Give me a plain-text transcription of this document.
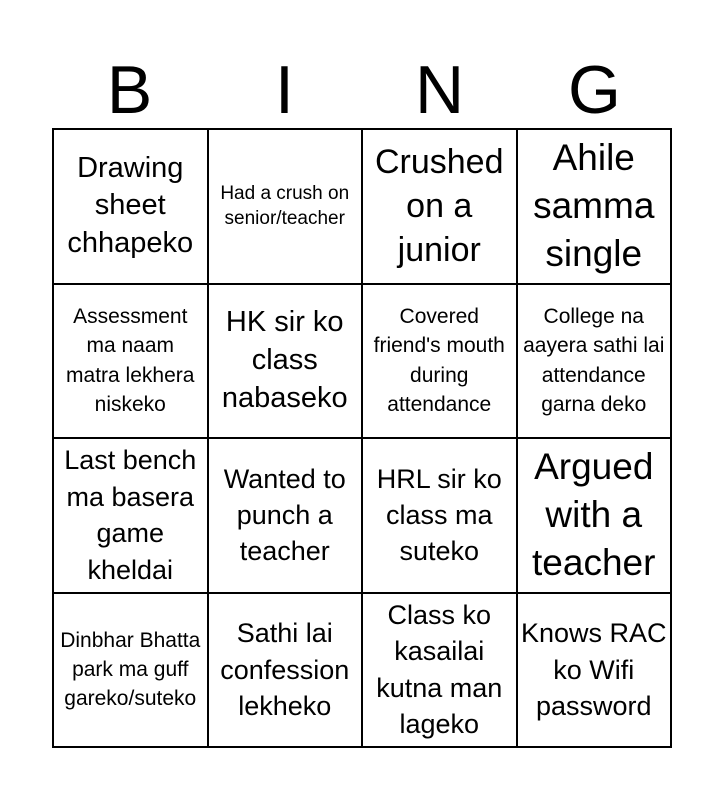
B	I	N	G
Drawing sheet chhapeko
Had a crush on senior/teacher
Crushed on a junior
Ahile samma single
Assessment ma naam matra lekhera niskeko
HK sir ko class nabaseko
Covered friend's mouth during attendance
College na aayera sathi lai attendance garna deko
Last bench ma basera game kheldai
Wanted to punch a teacher
HRL sir ko class ma suteko
Argued with a teacher
Dinbhar Bhatta park ma guff gareko/suteko
Sathi lai confession lekheko
Class ko kasailai kutna man lageko
Knows RAC ko Wifi password
